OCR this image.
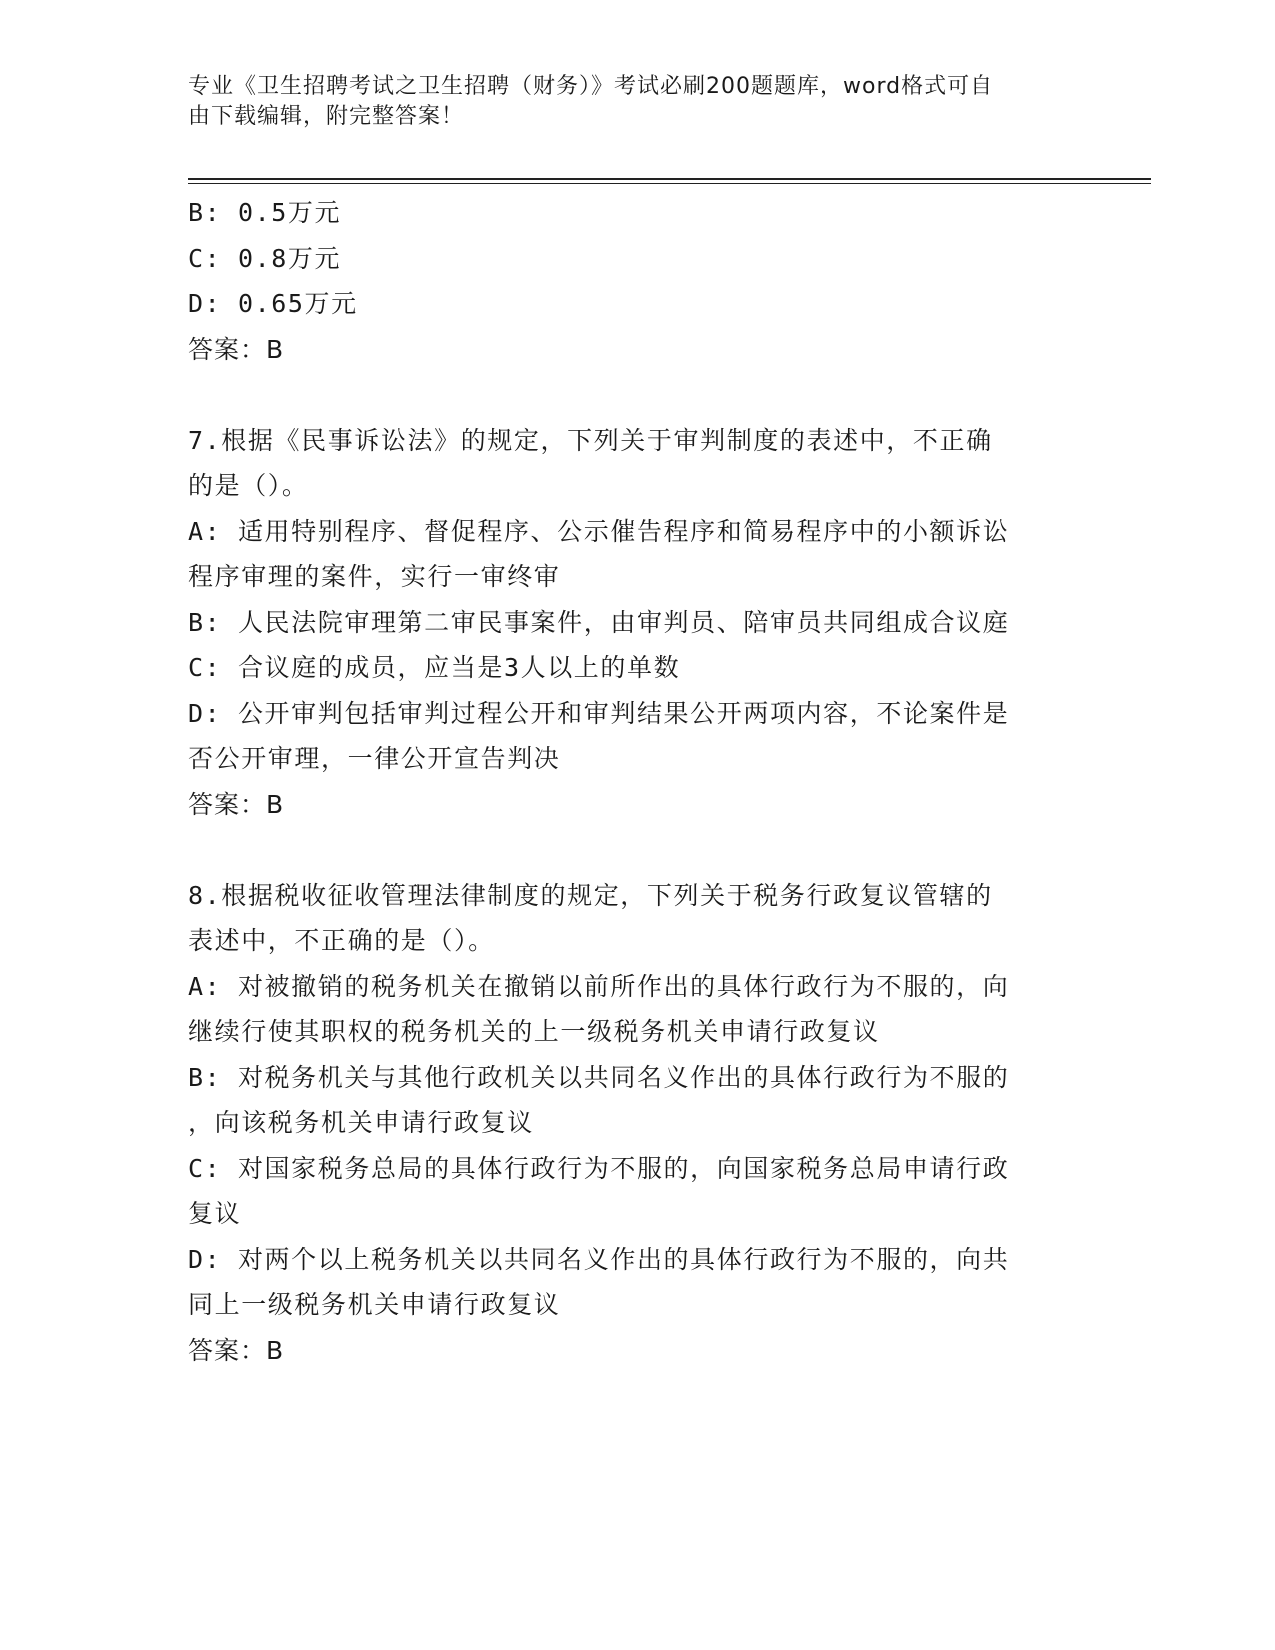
专业《卫生招聘考试之卫生招聘（财务）》考试必刷200题题库，word格式可自
由下载编辑，附完整答案！
B: 0.5万元
C: 0.8万元
D: 0.65万元
答案：B
7.根据《民事诉讼法》的规定，下列关于审判制度的表述中，不正确
的是（）。
A: 适用特别程序、督促程序、公示催告程序和简易程序中的小额诉讼
程序审理的案件，实行一审终审
B: 人民法院审理第二审民事案件，由审判员、陪审员共同组成合议庭
C: 合议庭的成员，应当是3人以上的单数
D: 公开审判包括审判过程公开和审判结果公开两项内容，不论案件是
否公开审理，一律公开宣告判决
答案：B
8.根据税收征收管理法律制度的规定，下列关于税务行政复议管辖的
表述中，不正确的是（）。
A: 对被撤销的税务机关在撤销以前所作出的具体行政行为不服的，向
继续行使其职权的税务机关的上一级税务机关申请行政复议
B: 对税务机关与其他行政机关以共同名义作出的具体行政行为不服的
，向该税务机关申请行政复议
C: 对国家税务总局的具体行政行为不服的，向国家税务总局申请行政
复议
D: 对两个以上税务机关以共同名义作出的具体行政行为不服的，向共
同上一级税务机关申请行政复议
答案：B
